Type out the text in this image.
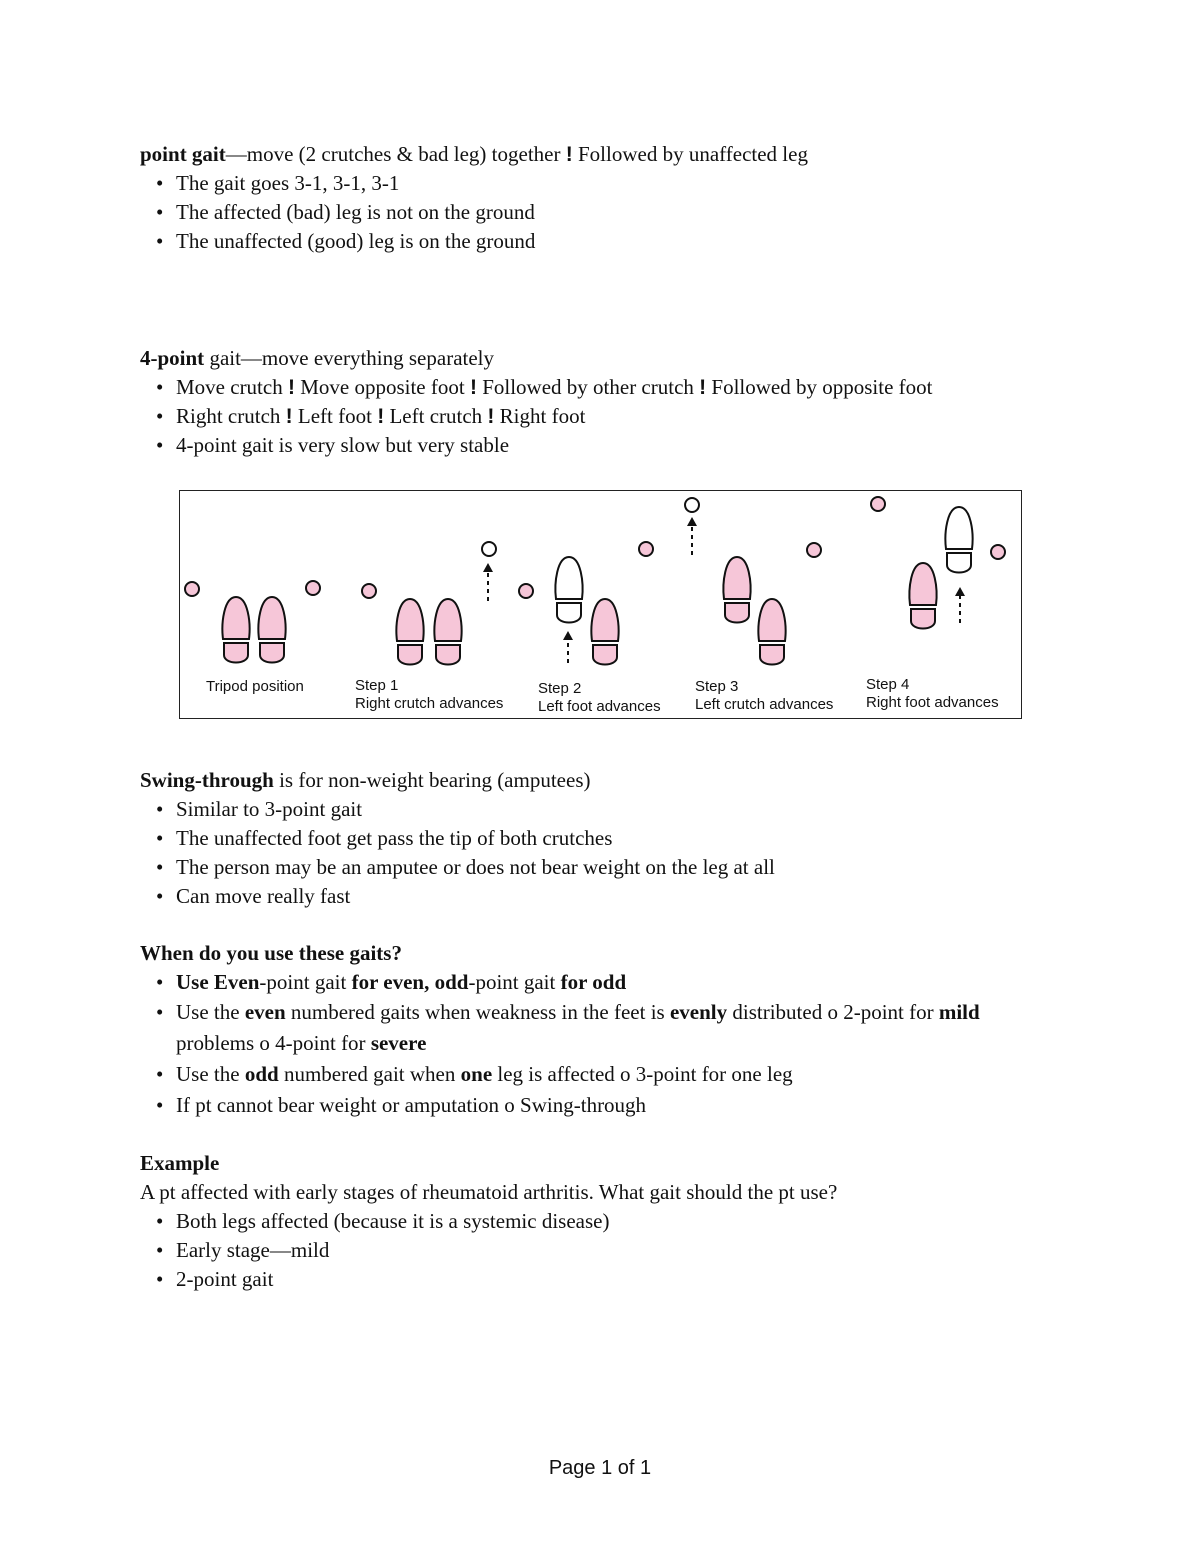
point gait—move (2 crutches & bad leg) together ! Followed by unaffected leg
• The gait goes 3-1, 3-1, 3-1
• The affected (bad) leg is not on the ground
• The unaffected (good) leg is on the ground
4-point gait—move everything separately
• Move crutch ! Move opposite foot ! Followed by other crutch ! Followed by opposite foot
• Right crutch ! Left foot ! Left crutch ! Right foot
• 4-point gait is very slow but very stable
Tripod position	Step 1
Right crutch advances
Step 2
Left foot advances
Step 3
Left crutch advances
Step 4
Right foot advances
Swing-through is for non-weight bearing (amputees)
• Similar to 3-point gait
• The unaffected foot get pass the tip of both crutches
• The person may be an amputee or does not bear weight on the leg at all
• Can move really fast
When do you use these gaits?
• Use Even-point gait for even, odd-point gait for odd
• Use the even numbered gaits when weakness in the feet is evenly distributed o 2-point for mild problems o 4-point for severe
• Use the odd numbered gait when one leg is affected o 3-point for one leg
• If pt cannot bear weight or amputation o Swing-through
Example
A pt affected with early stages of rheumatoid arthritis. What gait should the pt use?
• Both legs affected (because it is a systemic disease)
• Early stage—mild
• 2-point gait
Page 1 of 1
